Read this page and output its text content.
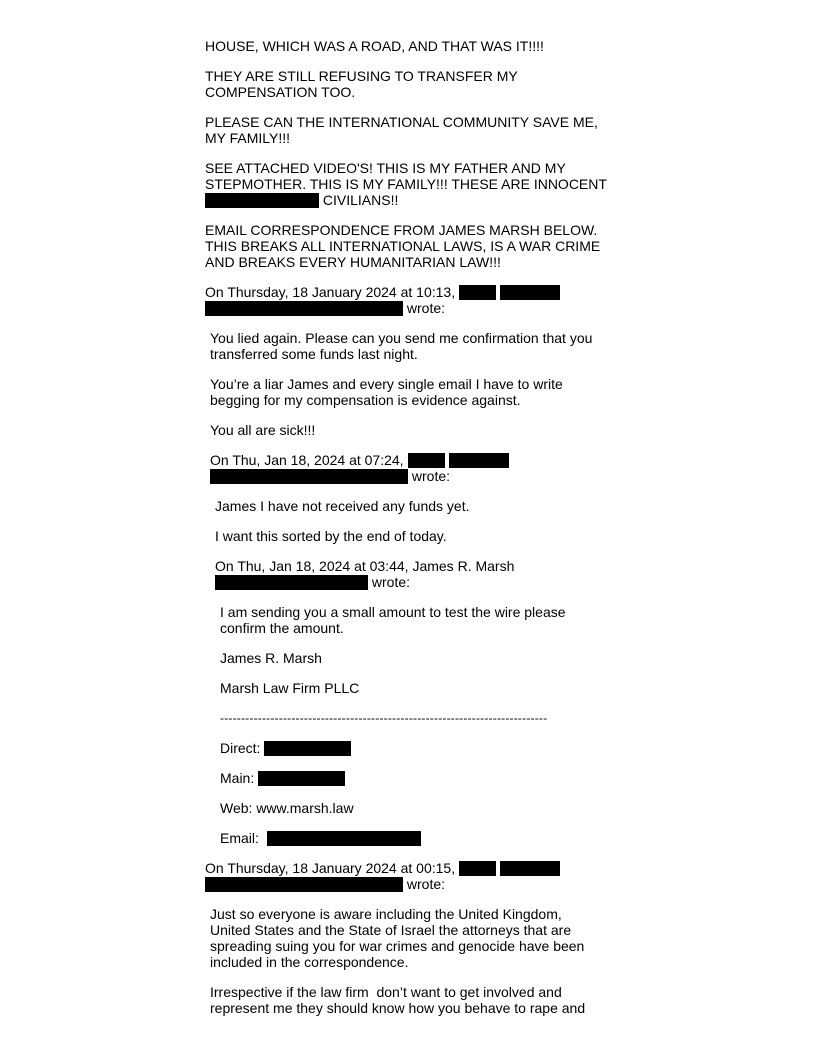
HOUSE, WHICH WAS A ROAD, AND THAT WAS IT!!!!

THEY ARE STILL REFUSING TO TRANSFER MY

COMPENSATION TOO.

PLEASE CAN THE INTERNATIONAL COMMUNITY SAVE ME,

MY FAMILY!!!

SEE ATTACHED VIDEO'S! THIS IS MY FATHER AND MY

STEPMOTHER. THIS IS MY FAMILY!!! THESE ARE INNOCENT

CIVILIANS!!

EMAIL CORRESPONDENCE FROM JAMES MARSH BELOW.

THIS BREAKS ALL INTERNATIONAL LAWS, IS A WAR CRIME

AND BREAKS EVERY HUMANITARIAN LAW!!!

On Thursday, 18 January 2024 at 10:13,

wrote:

You lied again. Please can you send me confirmation that you

transferred some funds last night.

You’re a liar James and every single email I have to write

begging for my compensation is evidence against.

You all are sick!!!

On Thu, Jan 18, 2024 at 07:24,

wrote:

James I have not received any funds yet.

I want this sorted by the end of today.

On Thu, Jan 18, 2024 at 03:44, James R. Marsh

wrote:

I am sending you a small amount to test the wire please

confirm the amount.

James R. Marsh

Marsh Law Firm PLLC

------------------------------------------------------------------------------

Direct:

Main:

Web: www.marsh.law

Email:

On Thursday, 18 January 2024 at 00:15,

wrote:

Just so everyone is aware including the United Kingdom,

United States and the State of Israel the attorneys that are

spreading suing you for war crimes and genocide have been

included in the correspondence.

Irrespective if the law firm  don’t want to get involved and

represent me they should know how you behave to rape and
